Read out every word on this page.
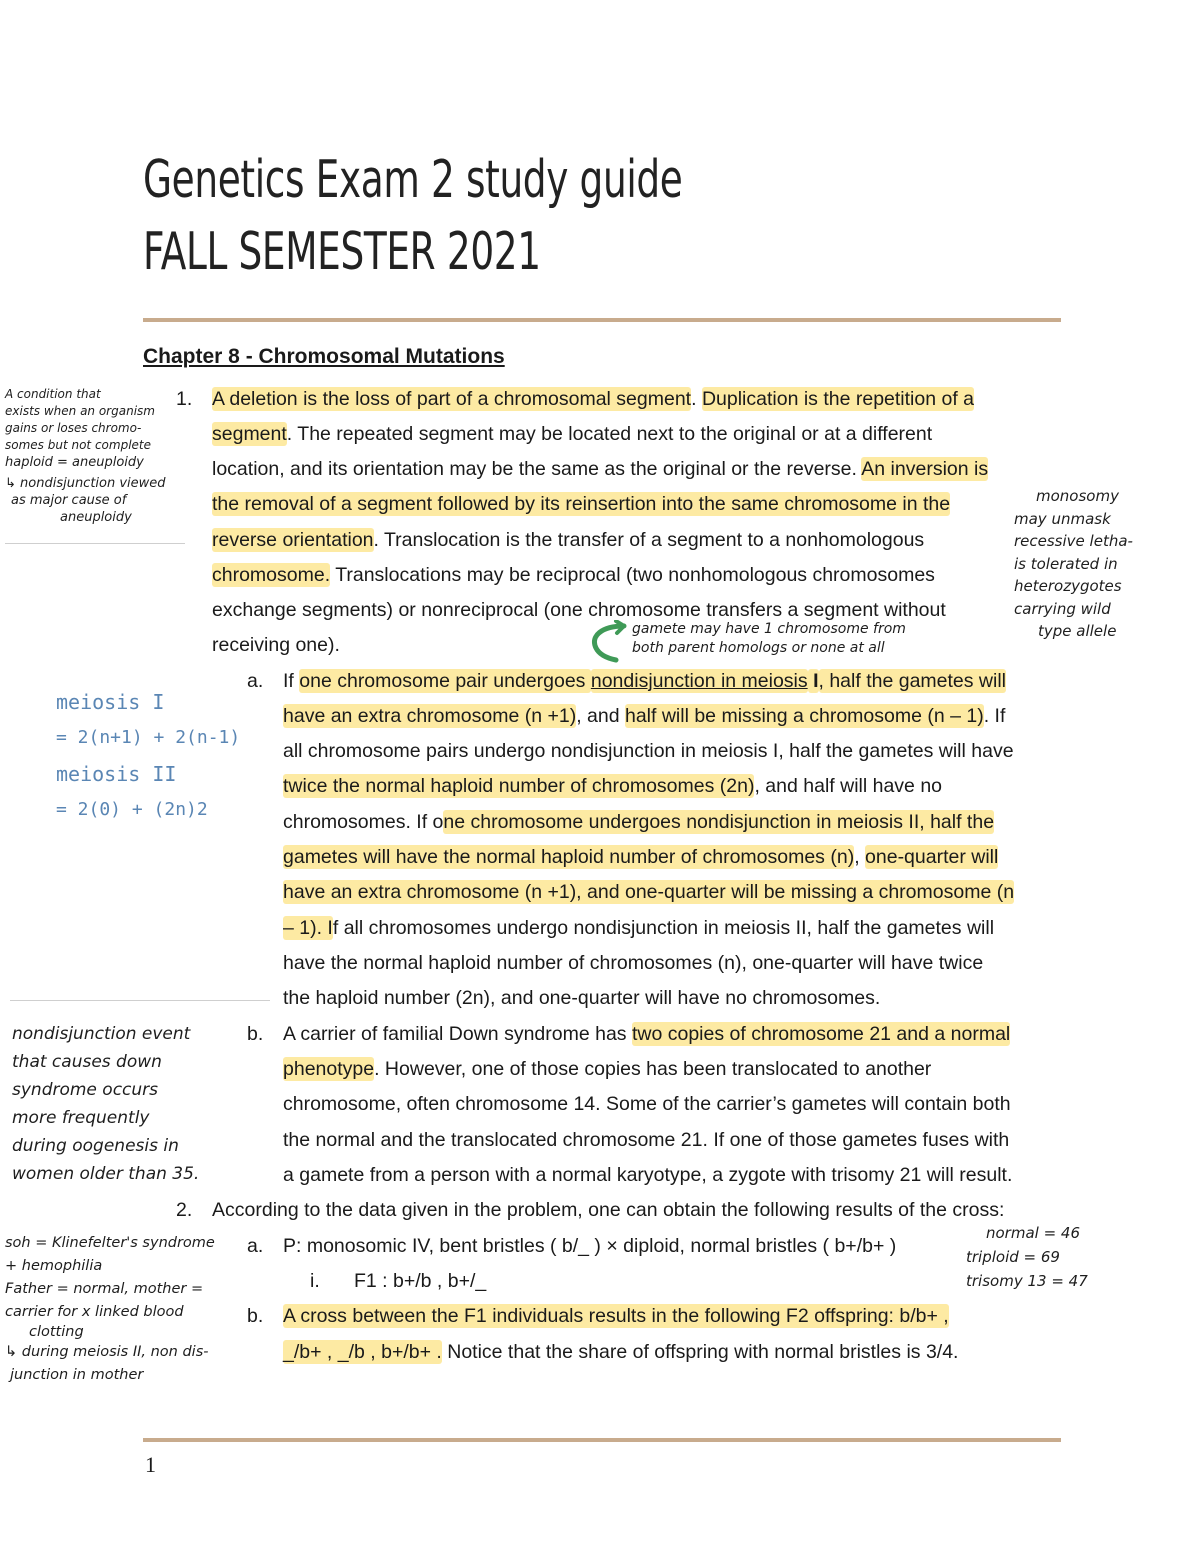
Genetics Exam 2 study guide
FALL SEMESTER 2021
Chapter 8 - Chromosomal Mutations
1. A deletion is the loss of part of a chromosomal segment. Duplication is the repetition of a
segment. The repeated segment may be located next to the original or at a different
location, and its orientation may be the same as the original or the reverse. An inversion is
the removal of a segment followed by its reinsertion into the same chromosome in the
reverse orientation. Translocation is the transfer of a segment to a nonhomologous
chromosome. Translocations may be reciprocal (two nonhomologous chromosomes
exchange segments) or nonreciprocal (one chromosome transfers a segment without
receiving one).
a. If one chromosome pair undergoes nondisjunction in meiosis I, half the gametes will
have an extra chromosome (n +1), and half will be missing a chromosome (n – 1). If
all chromosome pairs undergo nondisjunction in meiosis I, half the gametes will have
twice the normal haploid number of chromosomes (2n), and half will have no
chromosomes. If one chromosome undergoes nondisjunction in meiosis II, half the
gametes will have the normal haploid number of chromosomes (n), one-quarter will
have an extra chromosome (n +1), and one-quarter will be missing a chromosome (n
– 1). If all chromosomes undergo nondisjunction in meiosis II, half the gametes will
have the normal haploid number of chromosomes (n), one-quarter will have twice
the haploid number (2n), and one-quarter will have no chromosomes.
b. A carrier of familial Down syndrome has two copies of chromosome 21 and a normal
phenotype. However, one of those copies has been translocated to another
chromosome, often chromosome 14. Some of the carrier’s gametes will contain both
the normal and the translocated chromosome 21. If one of those gametes fuses with
a gamete from a person with a normal karyotype, a zygote with trisomy 21 will result.
2. According to the data given in the problem, one can obtain the following results of the cross:
a. P: monosomic IV, bent bristles ( b/_ ) × diploid, normal bristles ( b+/b+ )
i. F1 : b+/b , b+/_
b. A cross between the F1 individuals results in the following F2 offspring: b/b+ ,
_/b+ , _/b , b+/b+ . Notice that the share of offspring with normal bristles is 3/4.
A condition that
exists when an organism
gains or loses chromo-
somes but not complete
haploid = aneuploidy
↳ nondisjunction viewed
as major cause of
aneuploidy
meiosis I
= 2(n+1) + 2(n-1)
meiosis II
= 2(0) + (2n)2
nondisjunction event
that causes down
syndrome occurs
more frequently
during oogenesis in
women older than 35.
soh = Klinefelter's syndrome
+ hemophilia
Father = normal, mother =
carrier for x linked blood
clotting
↳ during meiosis II, non dis-
junction in mother
monosomy
may unmask
recessive letha-
is tolerated in
heterozygotes
carrying wild
type allele
gamete may have 1 chromosome from
both parent homologs or none at all
normal = 46
triploid = 69
trisomy 13 = 47
1
